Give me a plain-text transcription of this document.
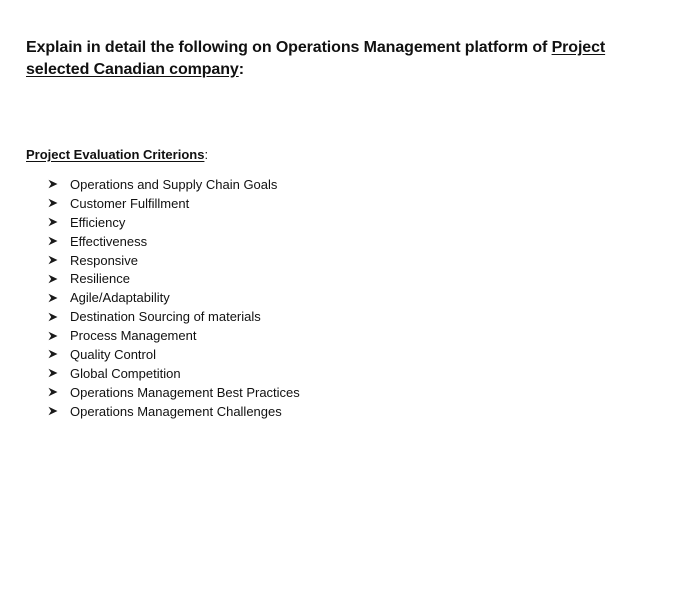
Explain in detail the following on Operations Management platform of Project selected Canadian company:
Project Evaluation Criterions:
Operations and Supply Chain Goals
Customer Fulfillment
Efficiency
Effectiveness
Responsive
Resilience
Agile/Adaptability
Destination Sourcing of materials
Process Management
Quality Control
Global Competition
Operations Management Best Practices
Operations Management Challenges
